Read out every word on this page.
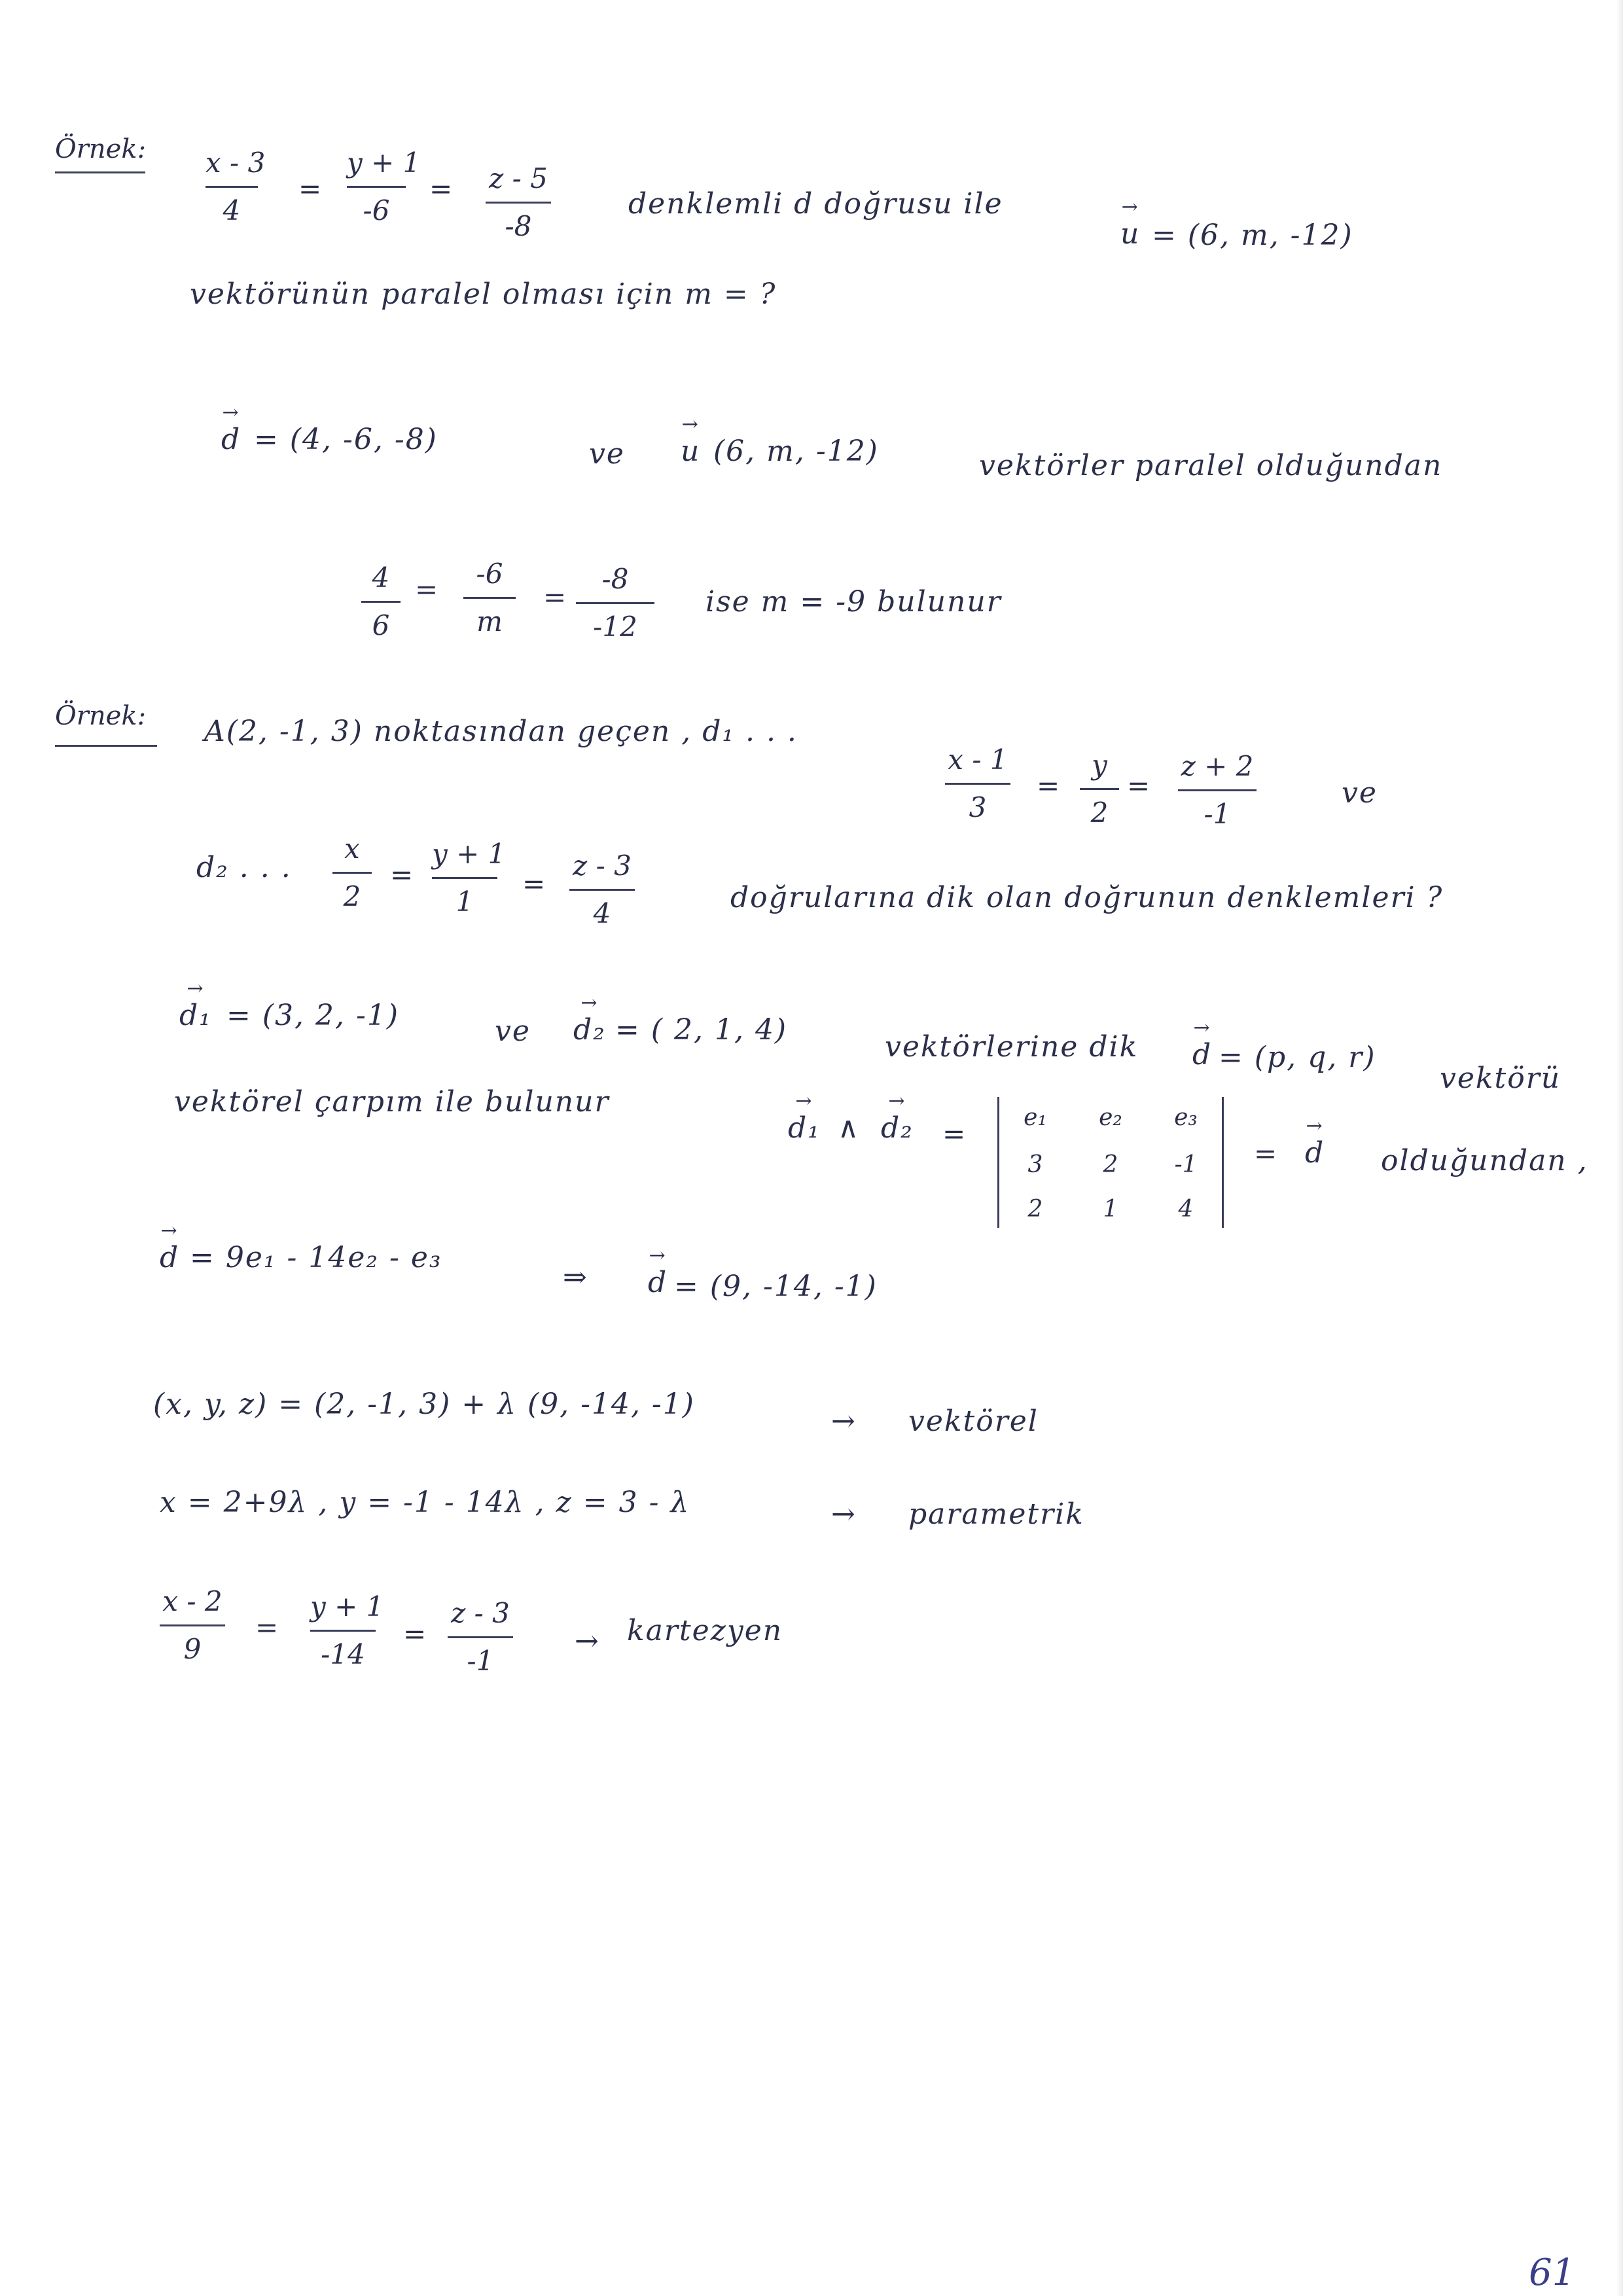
Örnek: x - 3
4
=
y + 1
-6
= z - 5
-8
denklemli d doğrusu ile
→ u = (6, m, -12)
vektörünün paralel olması için m = ?
→ d = (4, -6, -8)	ve → u (6, m, -12)	vektörler paralel olduğundan
4
6
=	-6
m
=
-8
-12
ise m = -9 bulunur
Örnek: A(2, -1, 3) noktasından geçen , d₁ . . .
x - 1
3
=
y
2
=
z + 2
-1
ve
d₂ . . .
x
2
=
y + 1
1
=
z - 3
4	doğrularına dik olan doğrunun denklemleri ?
→ d₁ = (3, 2, -1)	ve → d₂ = ( 2, 1, 4)
vektörlerine dik → d = (p, q, r)
vektörü
vektörel çarpım ile bulunur
→ d₁ ∧ → d₂ =
e₁	e₂	e₃
3	2	-1
2	1	4
= → d olduğundan ,
→ d = 9e₁ - 14e₂ - e₃
⇒ → d = (9, -14, -1)
(x, y, z) = (2, -1, 3) + λ (9, -14, -1)
→ vektörel
x = 2+9λ , y = -1 - 14λ , z = 3 - λ	→ parametrik
x - 2
9
=
y + 1
-14
=
z - 3
-1
→ kartezyen
61
